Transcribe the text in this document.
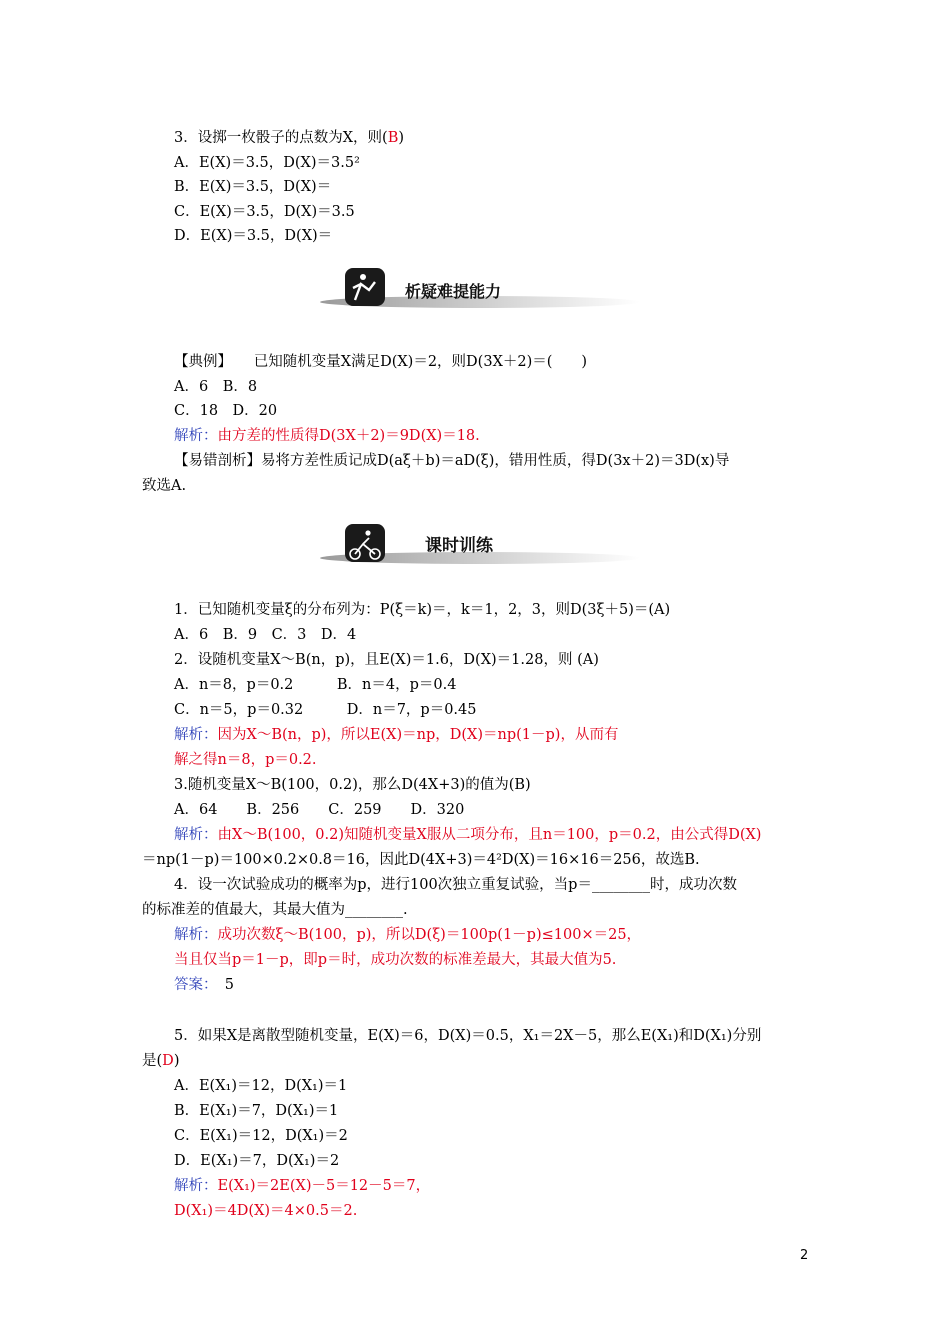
3．设掷一枚骰子的点数为X，则(B)
A．E(X)＝3.5，D(X)＝3.5²
B．E(X)＝3.5，D(X)＝
C．E(X)＝3.5，D(X)＝3.5
D．E(X)＝3.5，D(X)＝
析疑难提能力
【典例】　　 已知随机变量X满足D(X)＝2，则D(3X＋2)＝(　　)
A．6　B．8
C．18　D．20
解析：由方差的性质得D(3X＋2)＝9D(X)＝18.
【易错剖析】易将方差性质记成D(aξ＋b)＝aD(ξ)，错用性质，得D(3x＋2)＝3D(x)导
致选A.
课时训练
1．已知随机变量ξ的分布列为：P(ξ＝k)＝，k＝1，2，3，则D(3ξ＋5)＝(A)
A．6　B．9　C．3　D．4
2．设随机变量X～B(n，p)，且E(X)＝1.6，D(X)＝1.28，则 (A)
A．n＝8，p＝0.2　　　B．n＝4，p＝0.4
C．n＝5，p＝0.32　　　D．n＝7，p＝0.45
解析：因为X～B(n，p)，所以E(X)＝np，D(X)＝np(1－p)，从而有
解之得n＝8，p＝0.2.
3.随机变量X～B(100，0.2)，那么D(4X+3)的值为(B)
A．64　　B．256　　C．259　　D．320
解析：由X～B(100，0.2)知随机变量X服从二项分布，且n＝100，p＝0.2，由公式得D(X)
＝np(1－p)＝100×0.2×0.8＝16，因此D(4X+3)＝4²D(X)＝16×16＝256，故选B.
4．设一次试验成功的概率为p，进行100次独立重复试验，当p＝________时，成功次数
的标准差的值最大，其最大值为________.
解析：成功次数ξ～B(100，p)，所以D(ξ)＝100p(1－p)≤100×＝25，
当且仅当p＝1－p，即p＝时，成功次数的标准差最大，其最大值为5.
答案：　5
5．如果X是离散型随机变量，E(X)＝6，D(X)＝0.5，X₁＝2X－5，那么E(X₁)和D(X₁)分别
是(D)
A．E(X₁)＝12，D(X₁)＝1
B．E(X₁)＝7，D(X₁)＝1
C．E(X₁)＝12，D(X₁)＝2
D．E(X₁)＝7，D(X₁)＝2
解析：E(X₁)＝2E(X)－5＝12－5＝7，
D(X₁)＝4D(X)＝4×0.5＝2.
2
